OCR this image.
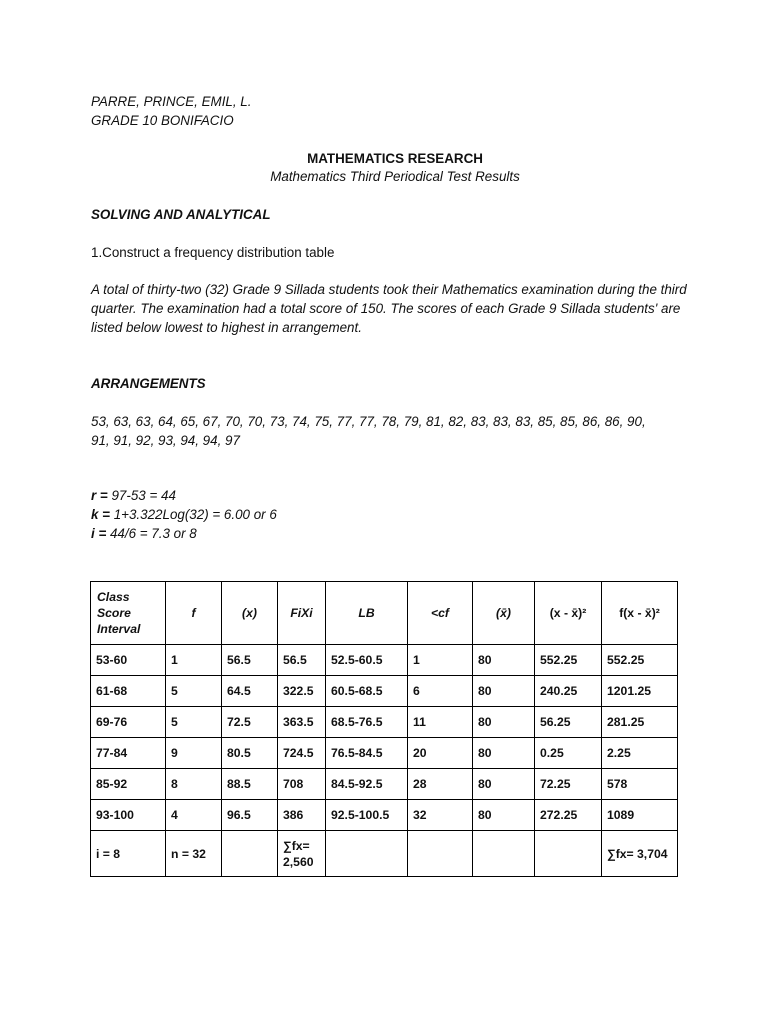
PARRE, PRINCE, EMIL, L.
GRADE 10 BONIFACIO
MATHEMATICS RESEARCH
Mathematics Third Periodical Test Results
SOLVING AND ANALYTICAL
1.Construct a frequency distribution table
A total of thirty-two (32) Grade 9 Sillada students took their Mathematics examination during the third quarter. The examination had a total score of 150. The scores of each Grade 9 Sillada students' are listed below lowest to highest in arrangement.
ARRANGEMENTS
53, 63, 63, 64, 65, 67, 70, 70, 73, 74, 75, 77, 77, 78, 79, 81, 82, 83, 83, 83, 85, 85, 86, 86, 90,
91, 91, 92, 93, 94, 94, 97
r = 97-53 = 44
k = 1+3.322Log(32) = 6.00 or 6
i = 44/6 = 7.3 or 8
Class Score Interval	f	(x)	FiXi	LB	<cf	(x̄)	(x - x̄)²	f(x - x̄)²
53-60	1	56.5	56.5	52.5-60.5	1	80	552.25	552.25
61-68	5	64.5	322.5	60.5-68.5	6	80	240.25	1201.25
69-76	5	72.5	363.5	68.5-76.5	11	80	56.25	281.25
77-84	9	80.5	724.5	76.5-84.5	20	80	0.25	2.25
85-92	8	88.5	708	84.5-92.5	28	80	72.25	578
93-100	4	96.5	386	92.5-100.5	32	80	272.25	1089
i = 8	n = 32		∑fx= 2,560					∑fx= 3,704
